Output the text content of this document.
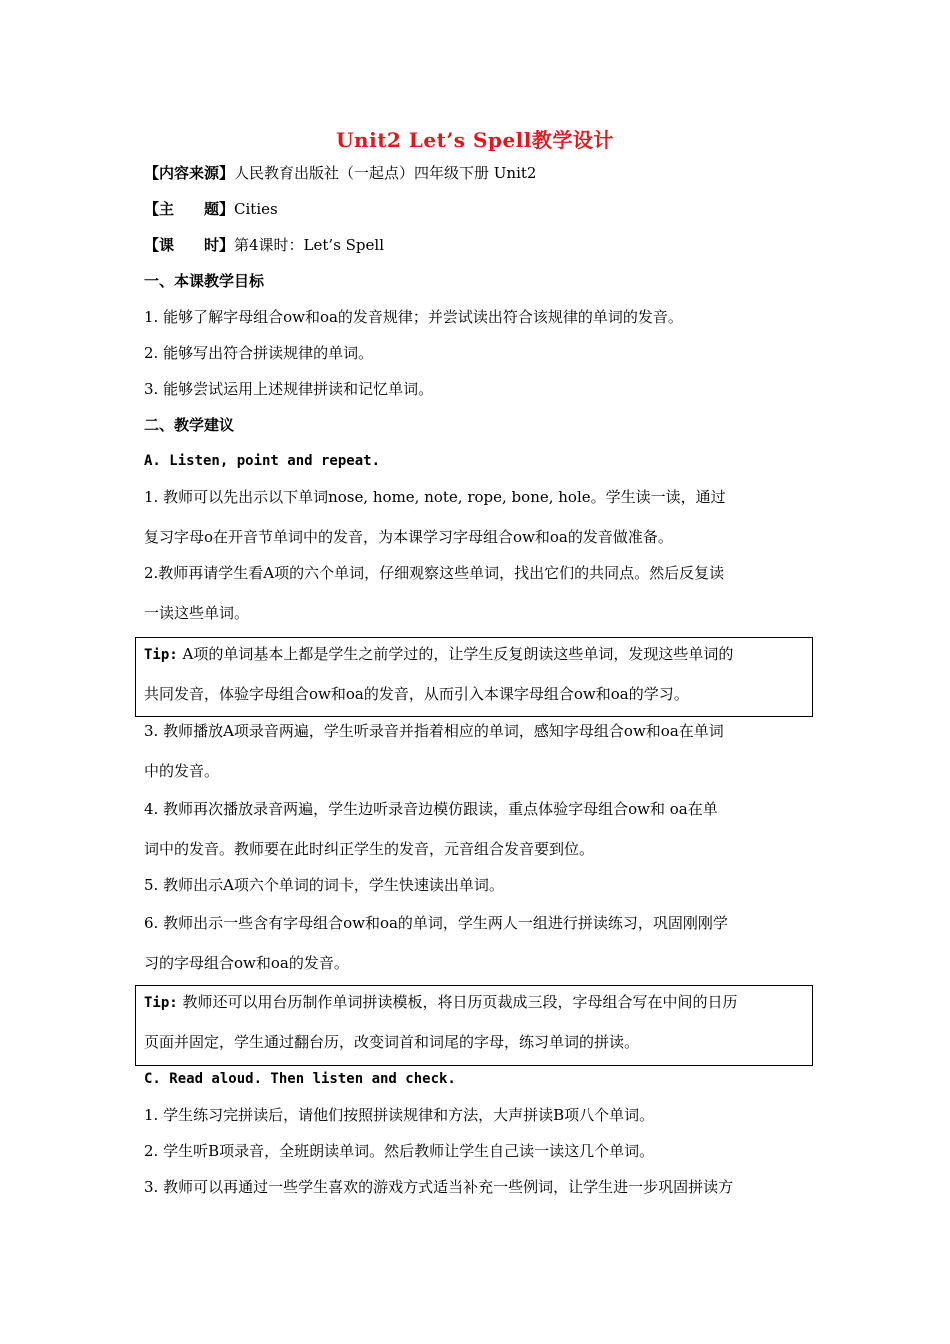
Unit2 Let’s Spell教学设计
【内容来源】人民教育出版社（一起点）四年级下册 Unit2
【主　　题】Cities
【课　　时】第4课时：Let’s Spell
一、本课教学目标
1. 能够了解字母组合ow和oa的发音规律；并尝试读出符合该规律的单词的发音。
2. 能够写出符合拼读规律的单词。
3. 能够尝试运用上述规律拼读和记忆单词。
二、教学建议
A. Listen, point and repeat.
1. 教师可以先出示以下单词nose, home, note, rope, bone, hole。学生读一读，通过
复习字母o在开音节单词中的发音，为本课学习字母组合ow和oa的发音做准备。
2.教师再请学生看A项的六个单词，仔细观察这些单词，找出它们的共同点。然后反复读
一读这些单词。
Tip: A项的单词基本上都是学生之前学过的，让学生反复朗读这些单词，发现这些单词的
共同发音，体验字母组合ow和oa的发音，从而引入本课字母组合ow和oa的学习。
3. 教师播放A项录音两遍，学生听录音并指着相应的单词，感知字母组合ow和oa在单词
中的发音。
4. 教师再次播放录音两遍，学生边听录音边模仿跟读，重点体验字母组合ow和 oa在单
词中的发音。教师要在此时纠正学生的发音，元音组合发音要到位。
5. 教师出示A项六个单词的词卡，学生快速读出单词。
6. 教师出示一些含有字母组合ow和oa的单词，学生两人一组进行拼读练习，巩固刚刚学
习的字母组合ow和oa的发音。
Tip: 教师还可以用台历制作单词拼读模板，将日历页裁成三段，字母组合写在中间的日历
页面并固定，学生通过翻台历，改变词首和词尾的字母，练习单词的拼读。
C. Read aloud. Then listen and check.
1. 学生练习完拼读后，请他们按照拼读规律和方法，大声拼读B项八个单词。
2. 学生听B项录音，全班朗读单词。然后教师让学生自己读一读这几个单词。
3. 教师可以再通过一些学生喜欢的游戏方式适当补充一些例词，让学生进一步巩固拼读方
